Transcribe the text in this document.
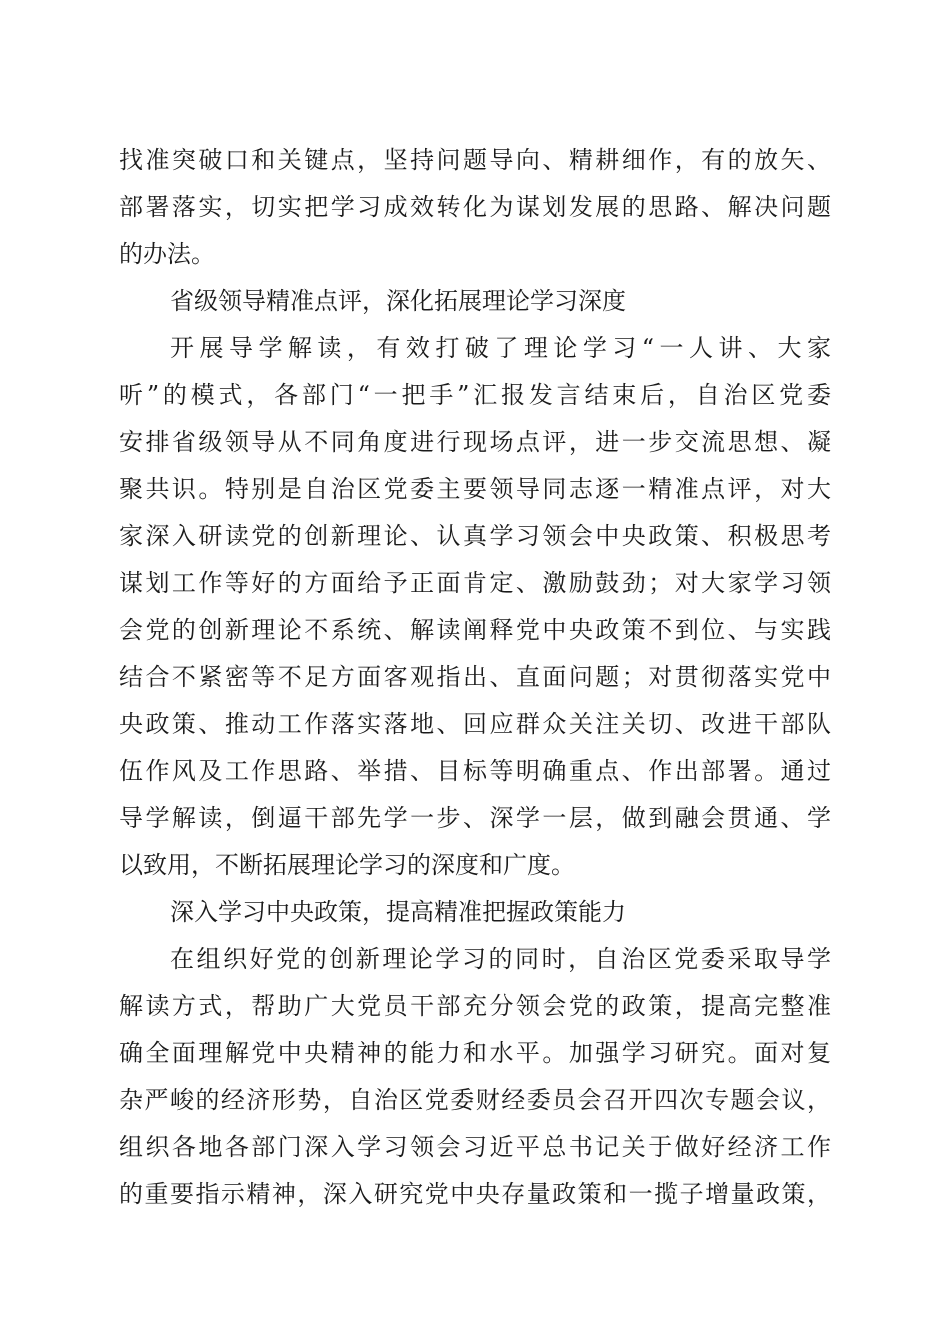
找准突破口和关键点，坚持问题导向、精耕细作，有的放矢、
部署落实，切实把学习成效转化为谋划发展的思路、解决问题
的办法。
省级领导精准点评，深化拓展理论学习深度
开展导学解读，有效打破了理论学习“一人讲、大家
听”的模式，各部门“一把手”汇报发言结束后，自治区党委
安排省级领导从不同角度进行现场点评，进一步交流思想、凝
聚共识。特别是自治区党委主要领导同志逐一精准点评，对大
家深入研读党的创新理论、认真学习领会中央政策、积极思考
谋划工作等好的方面给予正面肯定、激励鼓劲；对大家学习领
会党的创新理论不系统、解读阐释党中央政策不到位、与实践
结合不紧密等不足方面客观指出、直面问题；对贯彻落实党中
央政策、推动工作落实落地、回应群众关注关切、改进干部队
伍作风及工作思路、举措、目标等明确重点、作出部署。通过
导学解读，倒逼干部先学一步、深学一层，做到融会贯通、学
以致用，不断拓展理论学习的深度和广度。
深入学习中央政策，提高精准把握政策能力
在组织好党的创新理论学习的同时，自治区党委采取导学
解读方式，帮助广大党员干部充分领会党的政策，提高完整准
确全面理解党中央精神的能力和水平。加强学习研究。面对复
杂严峻的经济形势，自治区党委财经委员会召开四次专题会议，
组织各地各部门深入学习领会习近平总书记关于做好经济工作
的重要指示精神，深入研究党中央存量政策和一揽子增量政策，
